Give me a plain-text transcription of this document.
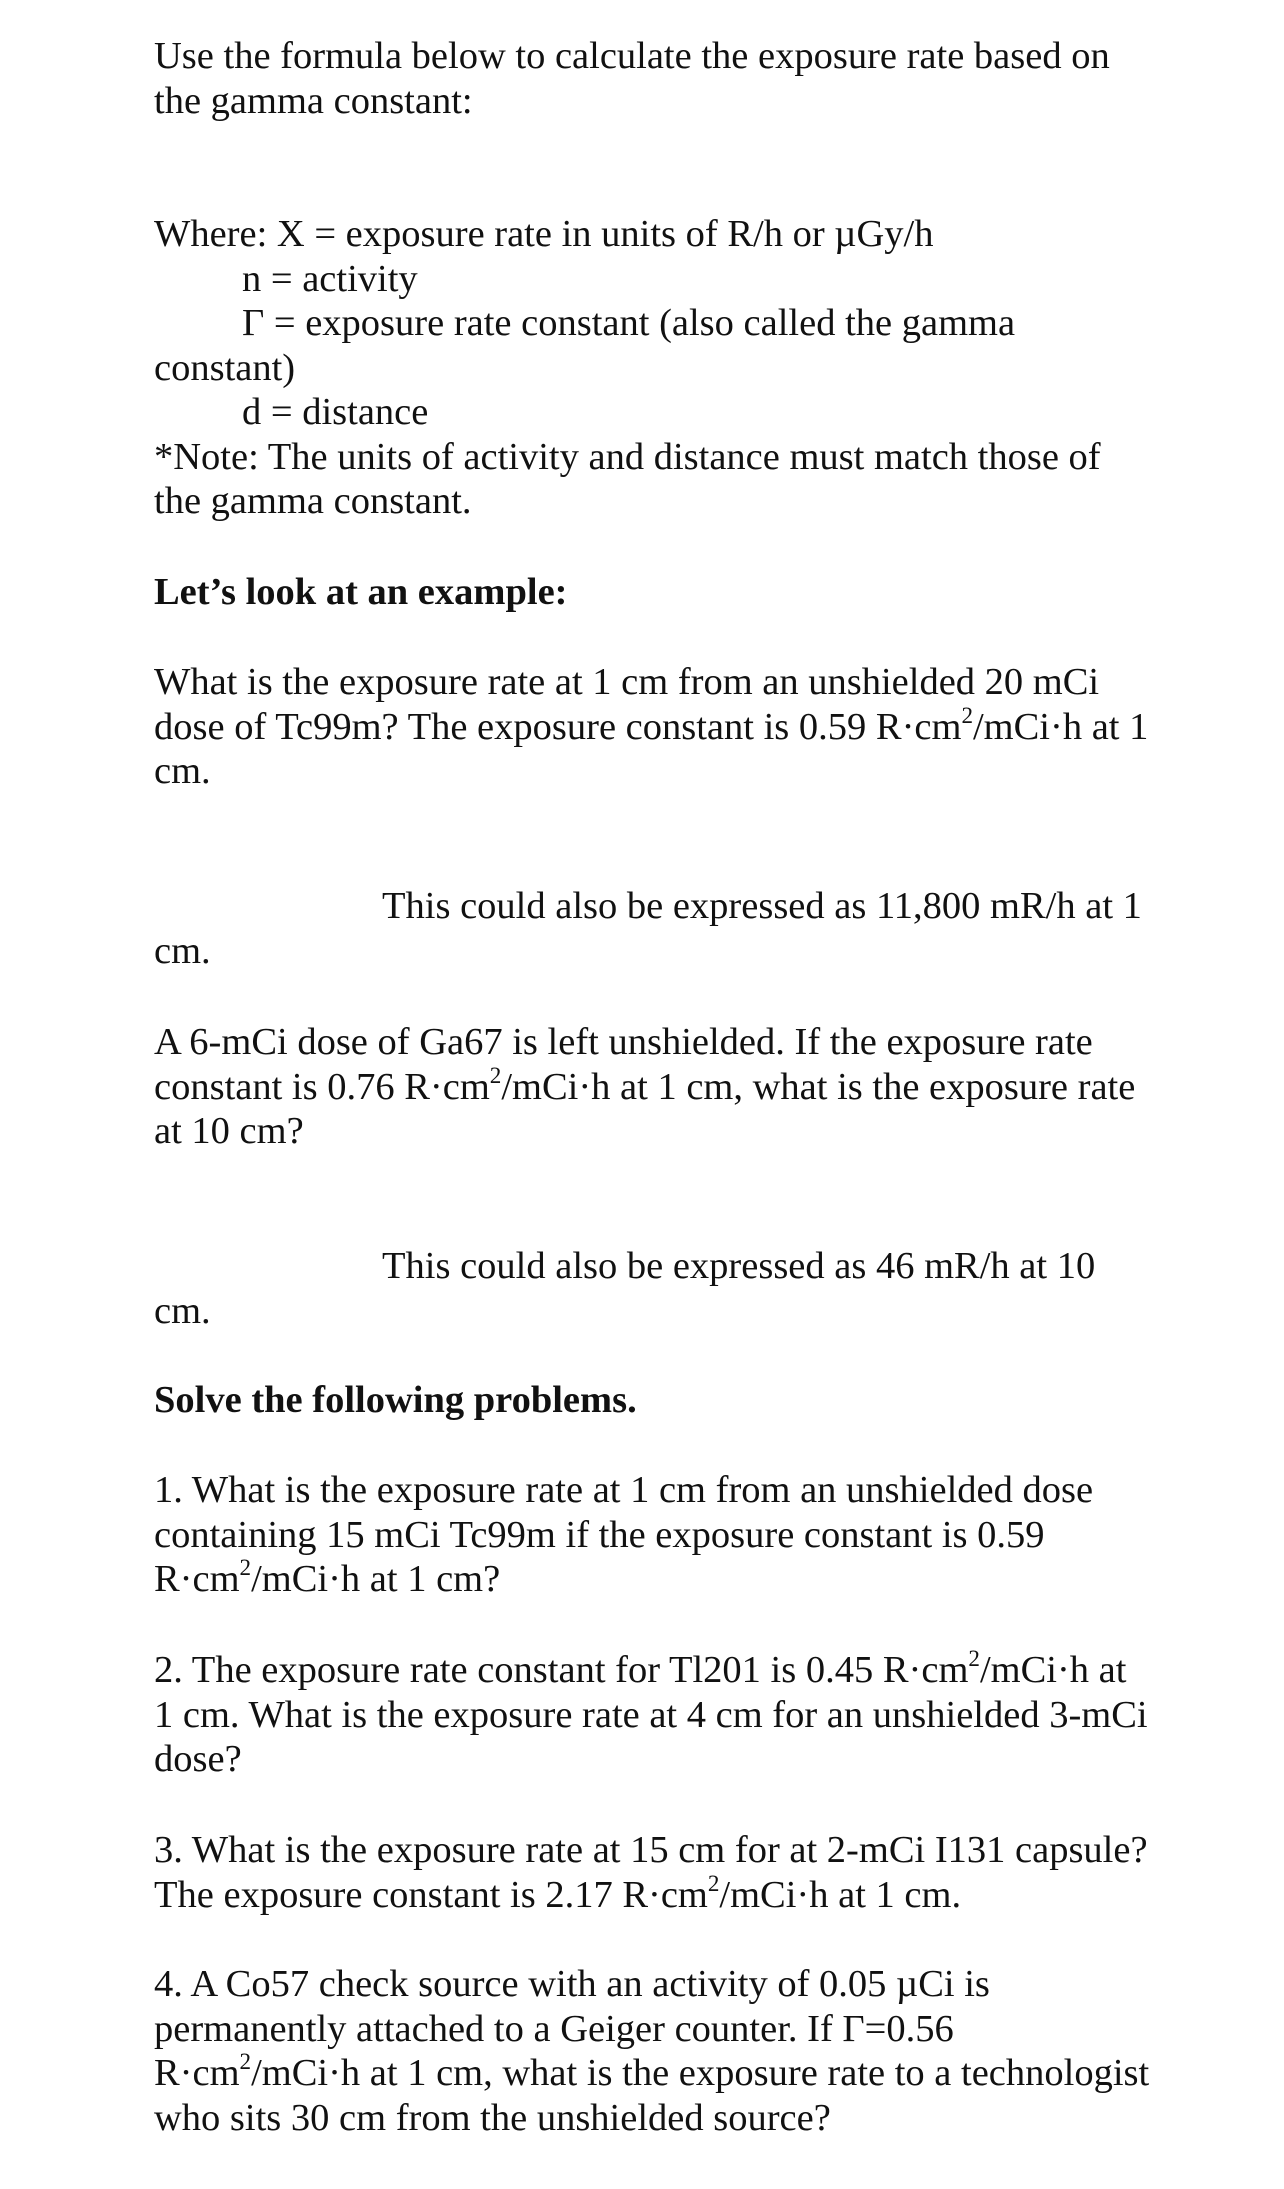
Use the formula below to calculate the exposure rate based on
the gamma constant:
Where: X = exposure rate in units of R/h or µGy/h
n = activity
Γ = exposure rate constant (also called the gamma
constant)
d = distance
*Note: The units of activity and distance must match those of
the gamma constant.
Let’s look at an example:
What is the exposure rate at 1 cm from an unshielded 20 mCi
dose of Tc99m? The exposure constant is 0.59 $R\cdot cm^2/mCi\cdot h$ at 1
cm.
This could also be expressed as 11,800 mR/h at 1
cm.
A 6-mCi dose of Ga67 is left unshielded. If the exposure rate
constant is 0.76 $R\cdot cm^2/mCi\cdot h$ at 1 cm, what is the exposure rate
at 10 cm?
This could also be expressed as 46 mR/h at 10
cm.
Solve the following problems.
1. What is the exposure rate at 1 cm from an unshielded dose
containing 15 mCi Tc99m if the exposure constant is 0.59
$R\cdot cm^2/mCi\cdot h$ at 1 cm?
2. The exposure rate constant for Tl201 is 0.45 $R\cdot cm^2/mCi\cdot h$ at
1 cm. What is the exposure rate at 4 cm for an unshielded 3-mCi
dose?
3. What is the exposure rate at 15 cm for at 2-mCi I131 capsule?
The exposure constant is 2.17 $R\cdot cm^2/mCi\cdot h$ at 1 cm.
4. A Co57 check source with an activity of 0.05 µCi is
permanently attached to a Geiger counter. If Γ=0.56
$R\cdot cm^2/mCi\cdot h$ at 1 cm, what is the exposure rate to a technologist
who sits 30 cm from the unshielded source?
